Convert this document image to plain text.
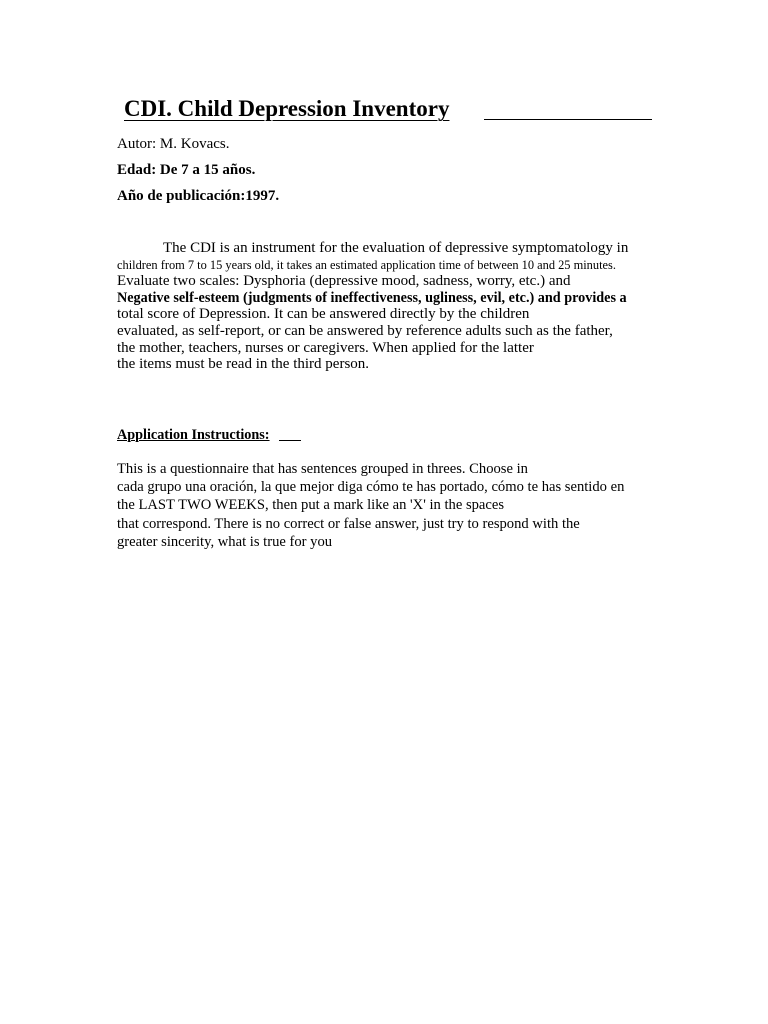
CDI. Child Depression Inventory
Autor: M. Kovacs.
Edad: De 7 a 15 años.
Año de publicación:1997.
The CDI is an instrument for the evaluation of depressive symptomatology in
children from 7 to 15 years old, it takes an estimated application time of between 10 and 25 minutes.
Evaluate two scales: Dysphoria (depressive mood, sadness, worry, etc.) and
Negative self-esteem (judgments of ineffectiveness, ugliness, evil, etc.) and provides a
total score of Depression. It can be answered directly by the children
evaluated, as self-report, or can be answered by reference adults such as the father,
the mother, teachers, nurses or caregivers. When applied for the latter
the items must be read in the third person.
Application Instructions:
This is a questionnaire that has sentences grouped in threes. Choose in
cada grupo una oración, la que mejor diga cómo te has portado, cómo te has sentido en
the LAST TWO WEEKS, then put a mark like an 'X' in the spaces
that correspond. There is no correct or false answer, just try to respond with the
greater sincerity, what is true for you
